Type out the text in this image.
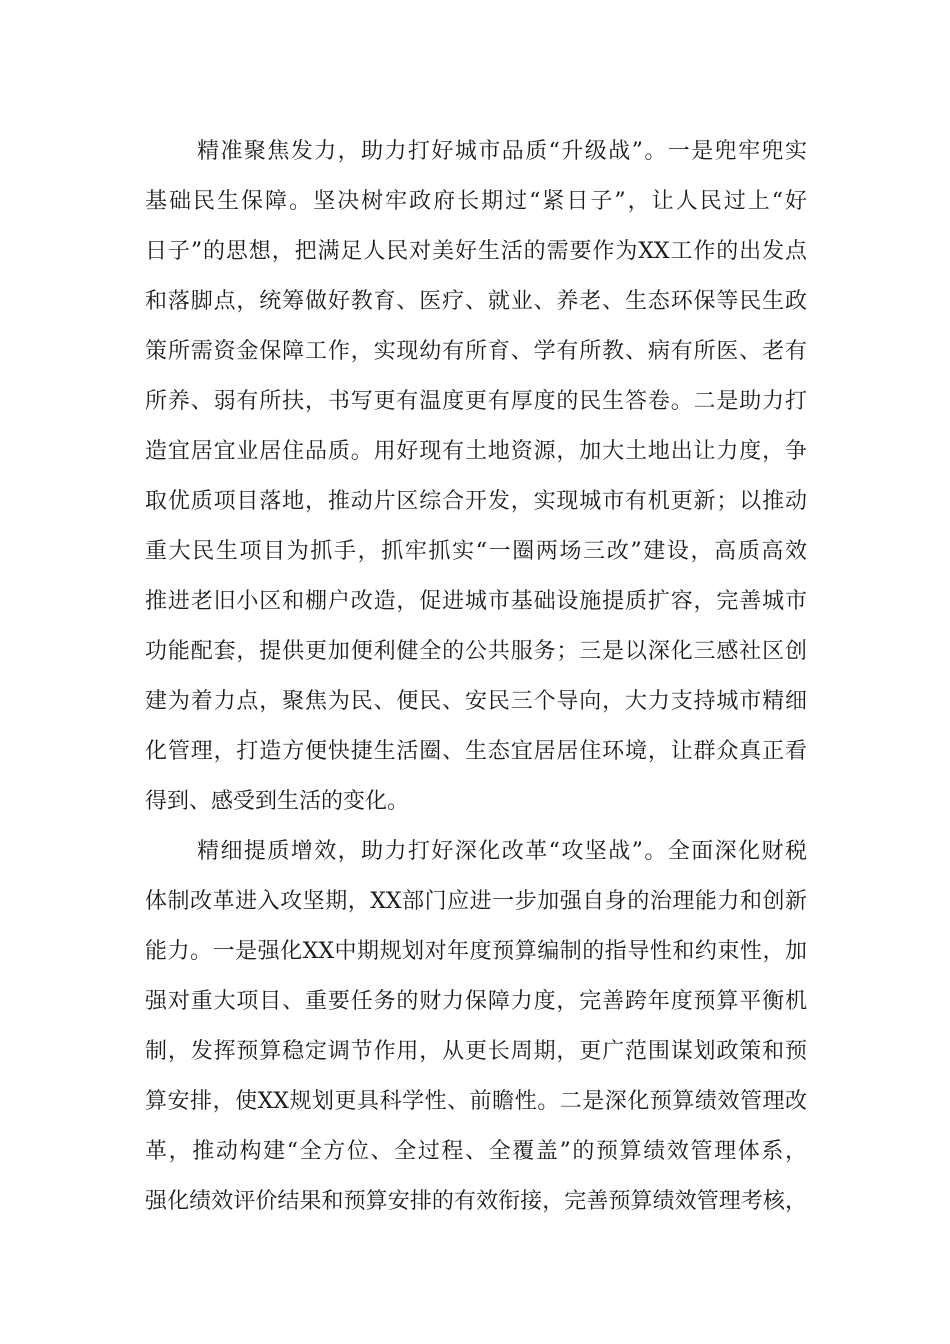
精准聚焦发力，助力打好城市品质“升级战”。一是兜牢兜实
基础民生保障。坚决树牢政府长期过“紧日子”，让人民过上“好
日子”的思想，把满足人民对美好生活的需要作为XX工作的出发点
和落脚点，统筹做好教育、医疗、就业、养老、生态环保等民生政
策所需资金保障工作，实现幼有所育、学有所教、病有所医、老有
所养、弱有所扶，书写更有温度更有厚度的民生答卷。二是助力打
造宜居宜业居住品质。用好现有土地资源，加大土地出让力度，争
取优质项目落地，推动片区综合开发，实现城市有机更新；以推动
重大民生项目为抓手，抓牢抓实“一圈两场三改”建设，高质高效
推进老旧小区和棚户改造，促进城市基础设施提质扩容，完善城市
功能配套，提供更加便利健全的公共服务；三是以深化三感社区创
建为着力点，聚焦为民、便民、安民三个导向，大力支持城市精细
化管理，打造方便快捷生活圈、生态宜居居住环境，让群众真正看
得到、感受到生活的变化。
精细提质增效，助力打好深化改革“攻坚战”。全面深化财税
体制改革进入攻坚期，XX部门应进一步加强自身的治理能力和创新
能力。一是强化XX中期规划对年度预算编制的指导性和约束性，加
强对重大项目、重要任务的财力保障力度，完善跨年度预算平衡机
制，发挥预算稳定调节作用，从更长周期，更广范围谋划政策和预
算安排，使XX规划更具科学性、前瞻性。二是深化预算绩效管理改
革，推动构建“全方位、全过程、全覆盖”的预算绩效管理体系，
强化绩效评价结果和预算安排的有效衔接，完善预算绩效管理考核，
